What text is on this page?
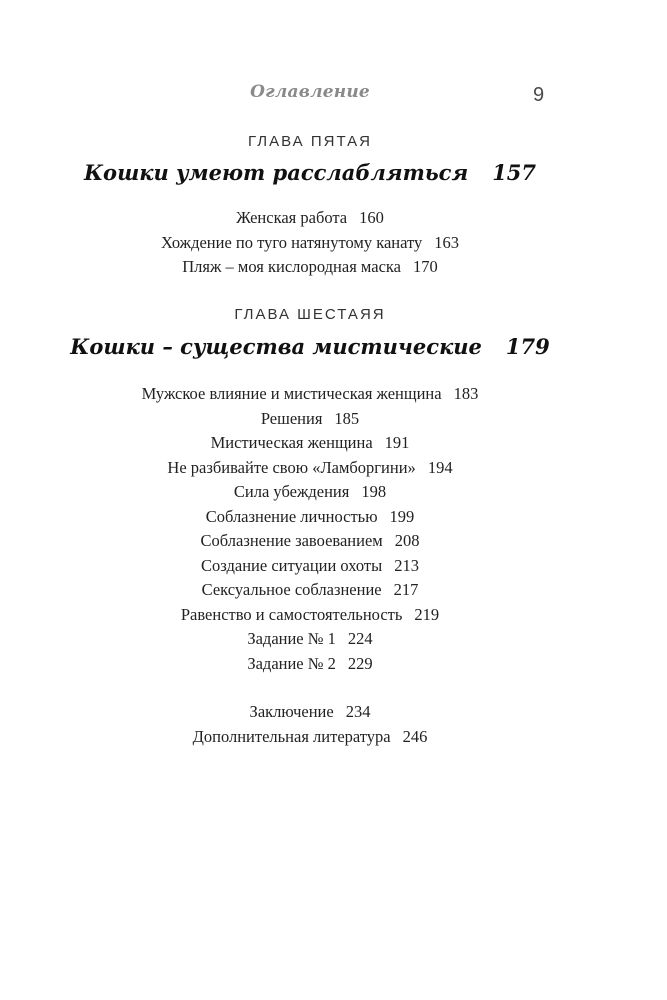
Оглавление	9
ГЛАВА ПЯТАЯ
Кошки умеют расслабляться 157
Женская работа 160
Хождение по туго натянутому канату 163
Пляж – моя кислородная маска 170
ГЛАВА ШЕСТАЯЯ
Кошки – существа мистические 179
Мужское влияние и мистическая женщина 183
Решения 185
Мистическая женщина 191
Не разбивайте свою «Ламборгини» 194
Сила убеждения 198
Соблазнение личностью 199
Соблазнение завоеванием 208
Создание ситуации охоты 213
Сексуальное соблазнение 217
Равенство и самостоятельность 219
Задание № 1 224
Задание № 2 229
Заключение 234
Дополнительная литература 246
